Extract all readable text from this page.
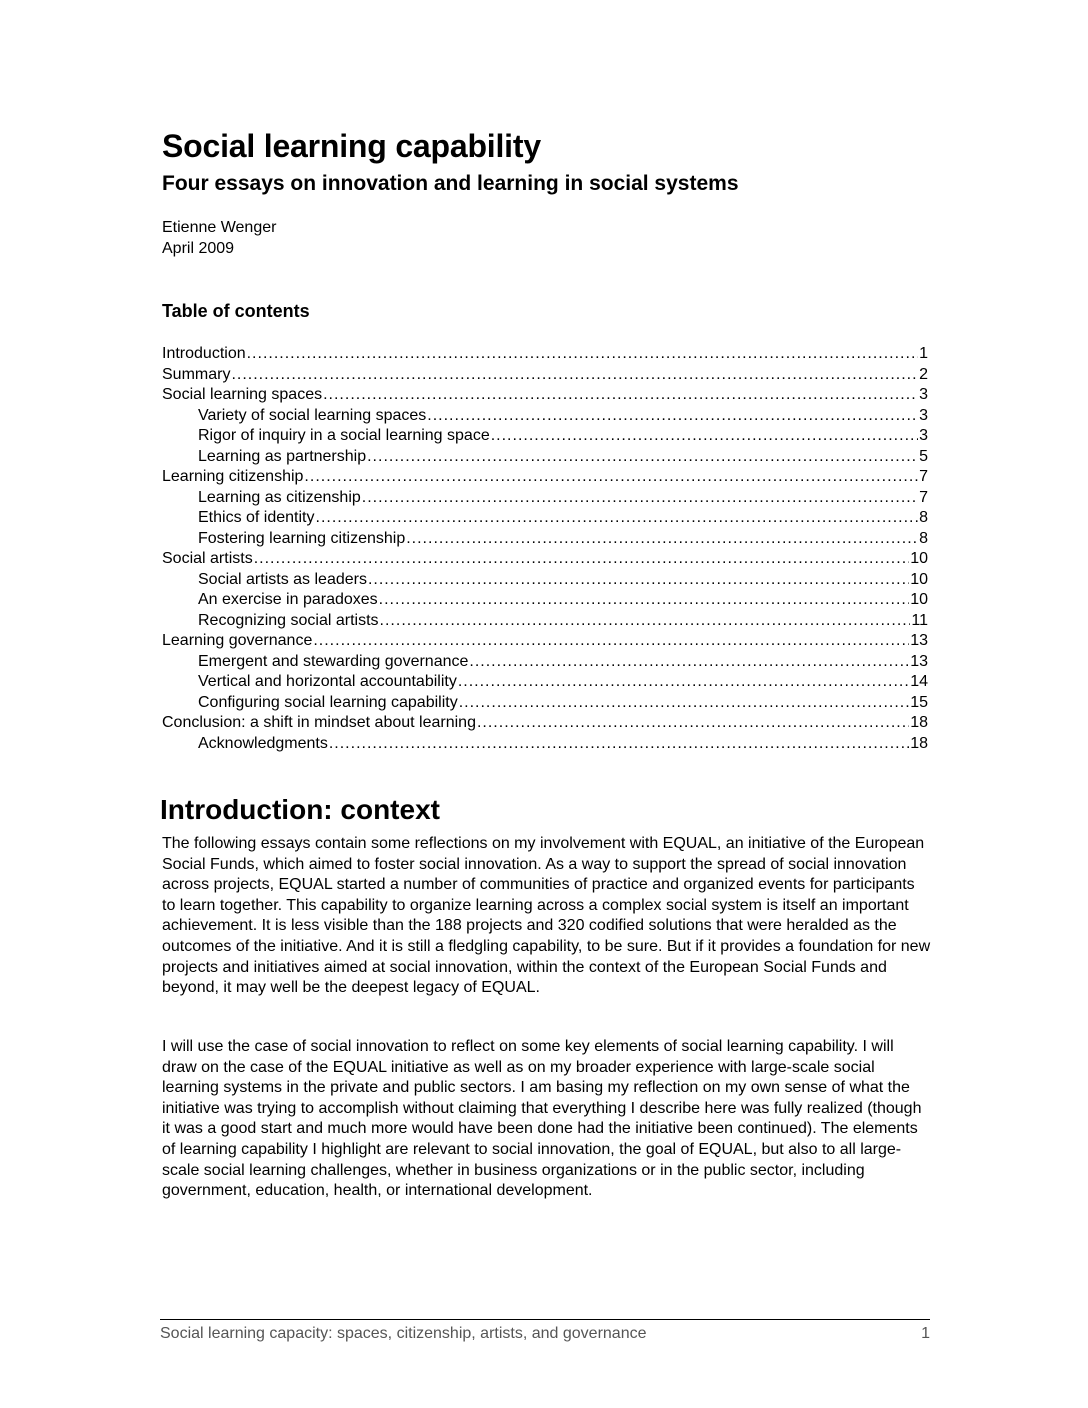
Social learning capability
Four essays on innovation and learning in social systems
Etienne Wenger
April 2009
Table of contents
Introduction .....	1
Summary .....	2
Social learning spaces .....	3
Variety of social learning spaces .....	3
Rigor of inquiry in a social learning space .....	3
Learning as partnership .....	5
Learning citizenship .....	7
Learning as citizenship .....	7
Ethics of identity .....	8
Fostering learning citizenship .....	8
Social artists .....	10
Social artists as leaders .....	10
An exercise in paradoxes .....	10
Recognizing social artists .....	11
Learning governance .....	13
Emergent and stewarding governance .....	13
Vertical and horizontal accountability .....	14
Configuring social learning capability .....	15
Conclusion: a shift in mindset about learning .....	18
Acknowledgments .....	18
Introduction: context

The following essays contain some reflections on my involvement with EQUAL, an initiative of the European Social Funds, which aimed to foster social innovation. As a way to support the spread of social innovation across projects, EQUAL started a number of communities of practice and organized events for participants to learn together. This capability to organize learning across a complex social system is itself an important achievement. It is less visible than the 188 projects and 320 codified solutions that were heralded as the outcomes of the initiative. And it is still a fledgling capability, to be sure. But if it provides a foundation for new projects and initiatives aimed at social innovation, within the context of the European Social Funds and beyond, it may well be the deepest legacy of EQUAL.

I will use the case of social innovation to reflect on some key elements of social learning capability. I will draw on the case of the EQUAL initiative as well as on my broader experience with large-scale social learning systems in the private and public sectors. I am basing my reflection on my own sense of what the initiative was trying to accomplish without claiming that everything I describe here was fully realized (though it was a good start and much more would have been done had the initiative been continued). The elements of learning capability I highlight are relevant to social innovation, the goal of EQUAL, but also to all large-scale social learning challenges, whether in business organizations or in the public sector, including government, education, health, or international development.

Social learning capacity: spaces, citizenship, artists, and governance	1
